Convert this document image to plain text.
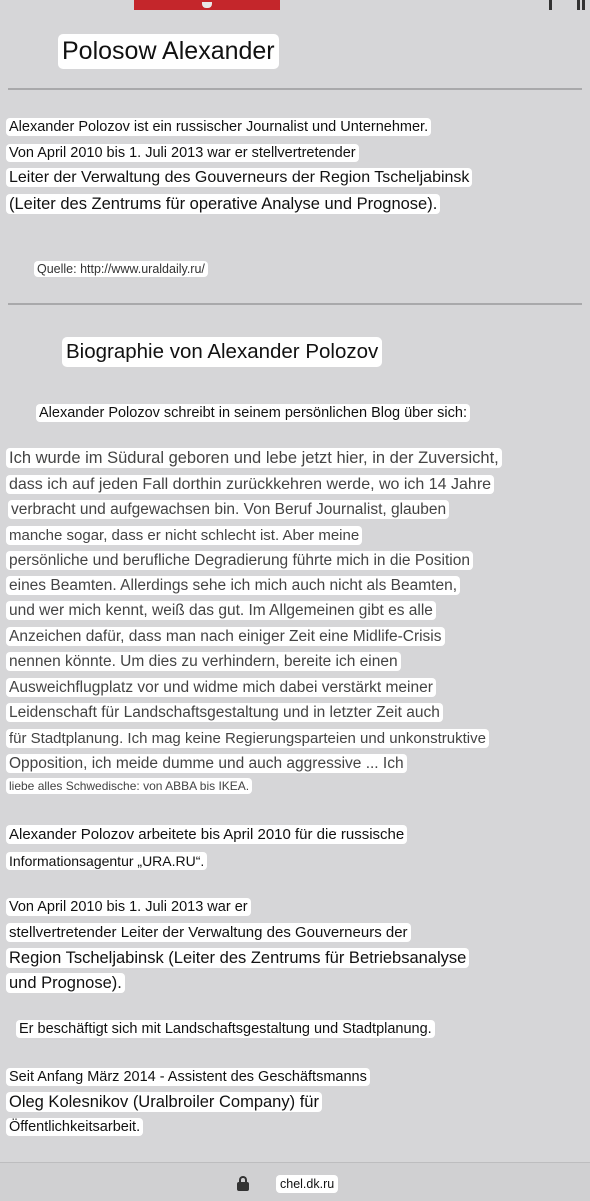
Polosow Alexander
Alexander Polozov ist ein russischer Journalist und Unternehmer.
Von April 2010 bis 1. Juli 2013 war er stellvertretender
Leiter der Verwaltung des Gouverneurs der Region Tscheljabinsk
(Leiter des Zentrums für operative Analyse und Prognose).
Quelle: http://www.uraldaily.ru/
Biographie von Alexander Polozov
Alexander Polozov schreibt in seinem persönlichen Blog über sich:
Ich wurde im Südural geboren und lebe jetzt hier, in der Zuversicht,
dass ich auf jeden Fall dorthin zurückkehren werde, wo ich 14 Jahre
verbracht und aufgewachsen bin. Von Beruf Journalist, glauben
manche sogar, dass er nicht schlecht ist. Aber meine
persönliche und berufliche Degradierung führte mich in die Position
eines Beamten. Allerdings sehe ich mich auch nicht als Beamten,
und wer mich kennt, weiß das gut. Im Allgemeinen gibt es alle
Anzeichen dafür, dass man nach einiger Zeit eine Midlife-Crisis
nennen könnte. Um dies zu verhindern, bereite ich einen
Ausweichflugplatz vor und widme mich dabei verstärkt meiner
Leidenschaft für Landschaftsgestaltung und in letzter Zeit auch
für Stadtplanung. Ich mag keine Regierungsparteien und unkonstruktive
Opposition, ich meide dumme und auch aggressive ... Ich
liebe alles Schwedische: von ABBA bis IKEA.
Alexander Polozov arbeitete bis April 2010 für die russische
Informationsagentur „URA.RU“.
Von April 2010 bis 1. Juli 2013 war er
stellvertretender Leiter der Verwaltung des Gouverneurs der
Region Tscheljabinsk (Leiter des Zentrums für Betriebsanalyse
und Prognose).
Er beschäftigt sich mit Landschaftsgestaltung und Stadtplanung.
Seit Anfang März 2014 - Assistent des Geschäftsmanns
Oleg Kolesnikov (Uralbroiler Company) für
Öffentlichkeitsarbeit.
chel.dk.ru
